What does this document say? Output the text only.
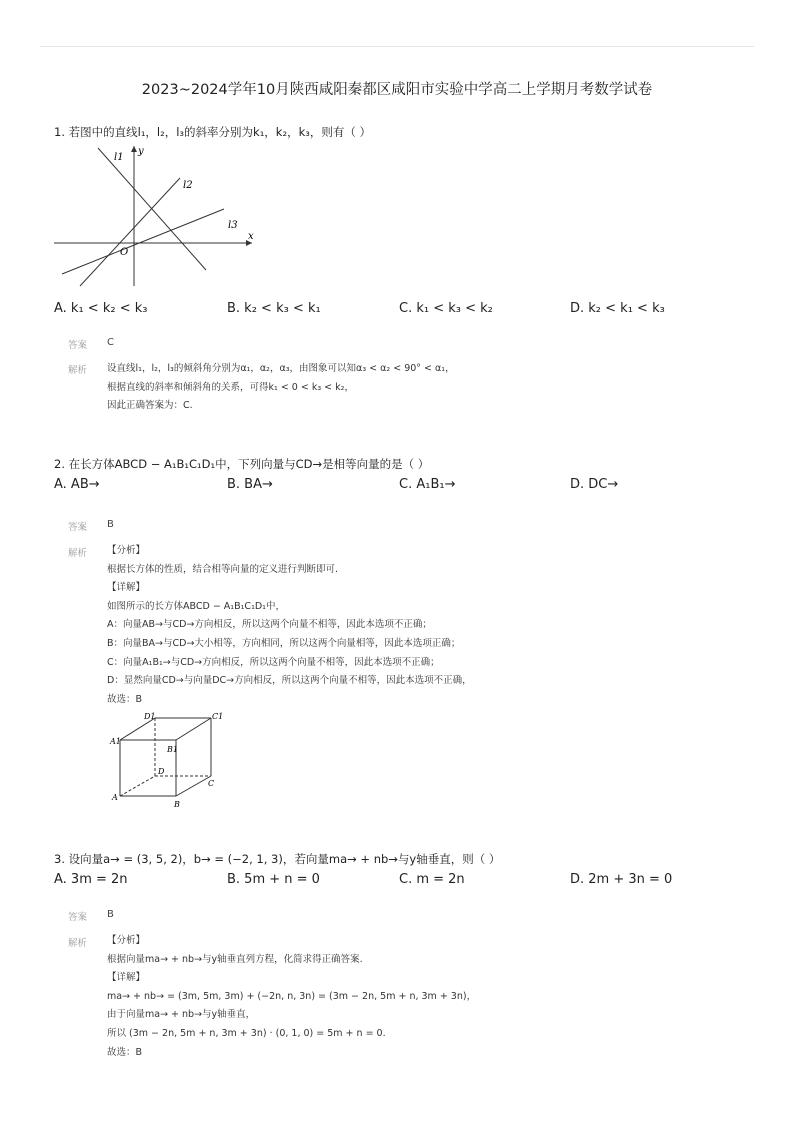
2023~2024学年10月陕西咸阳秦都区咸阳市实验中学高二上学期月考数学试卷
1. 若图中的直线l₁，l₂，l₃的斜率分别为k₁，k₂，k₃，则有（ ）
l1
l2
l3
x
y
O
A. k₁ < k₂ < k₃	B. k₂ < k₃ < k₁	C. k₁ < k₃ < k₂	D. k₂ < k₁ < k₃
答案 C
解析 设直线l₁，l₂，l₃的倾斜角分别为α₁，α₂，α₃，由图象可以知α₃ < α₂ < 90° < α₁，
根据直线的斜率和倾斜角的关系，可得k₁ < 0 < k₃ < k₂，
因此正确答案为：C.
2. 在长方体ABCD − A₁B₁C₁D₁中，下列向量与CD→是相等向量的是（ ）
A. AB→	B. BA→	C. A₁B₁→	D. DC→
答案 B
解析 【分析】
根据长方体的性质，结合相等向量的定义进行判断即可.
【详解】
如图所示的长方体ABCD − A₁B₁C₁D₁中，
A：向量AB→与CD→方向相反，所以这两个向量不相等，因此本选项不正确；
B：向量BA→与CD→大小相等，方向相同，所以这两个向量相等，因此本选项正确；
C：向量A₁B₁→与CD→方向相反，所以这两个向量不相等，因此本选项不正确；
D：显然向量CD→与向量DC→方向相反，所以这两个向量不相等，因此本选项不正确，
故选：B
D1	C1
A1
B1
D
C
A
B
3. 设向量a→ = (3, 5, 2)，b→ = (−2, 1, 3)，若向量ma→ + nb→与y轴垂直，则（ ）
A. 3m = 2n	B. 5m + n = 0	C. m = 2n	D. 2m + 3n = 0
答案 B
解析 【分析】
根据向量ma→ + nb→与y轴垂直列方程，化简求得正确答案.
【详解】
ma→ + nb→ = (3m, 5m, 3m) + (−2n, n, 3n) = (3m − 2n, 5m + n, 3m + 3n)，
由于向量ma→ + nb→与y轴垂直，
所以 (3m − 2n, 5m + n, 3m + 3n) · (0, 1, 0) = 5m + n = 0.
故选：B
